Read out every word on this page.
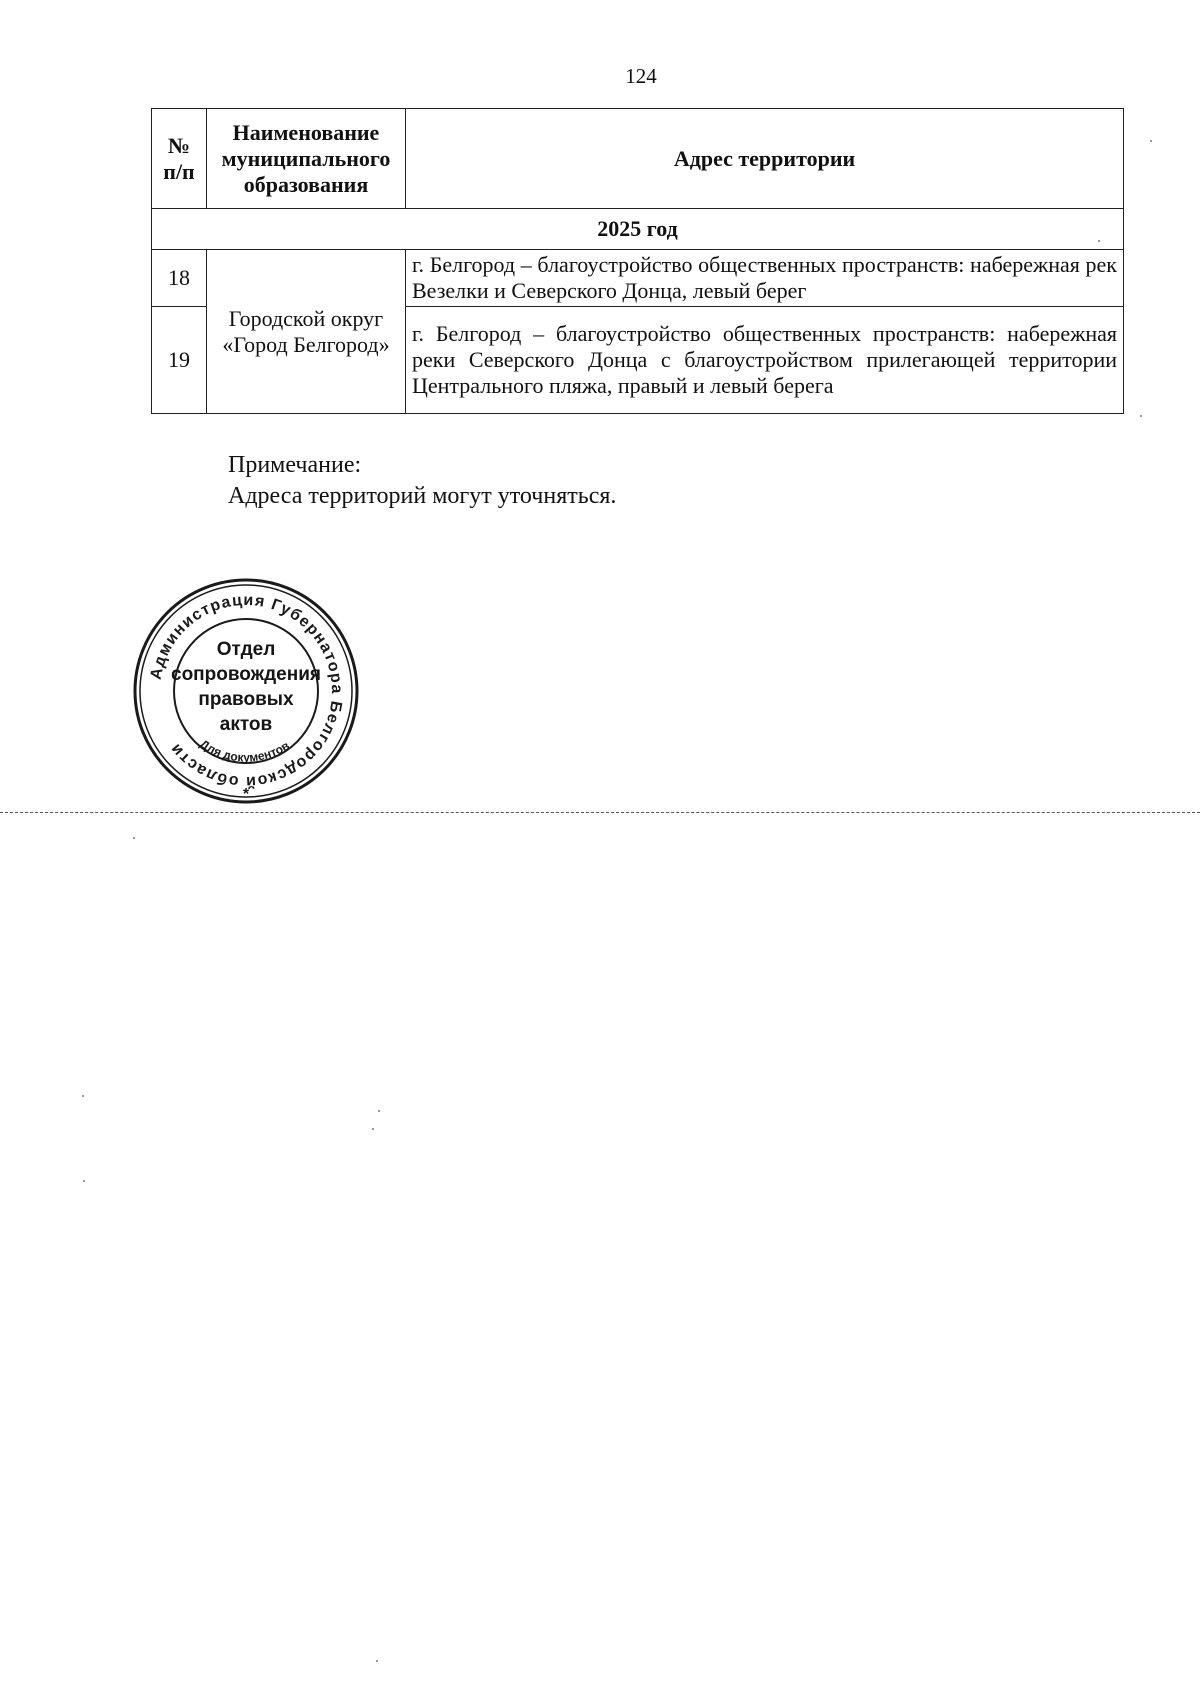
124
№ п/п	Наименование муниципального образования	Адрес территории
2025 год		
18	Городской округ «Город Белгород»	г. Белгород – благоустройство общественных пространств: набережная рек Везелки и Северского Донца, левый берег
19		г. Белгород – благоустройство общественных пространств: набережная реки Северского Донца с благоустройством прилегающей территории Центрального пляжа, правый и левый берега
Примечание:
Адреса территорий могут уточняться.
Администрация Губернатора Белгородской области Для документов
*
Отдел
сопровождения
правовых
актов
